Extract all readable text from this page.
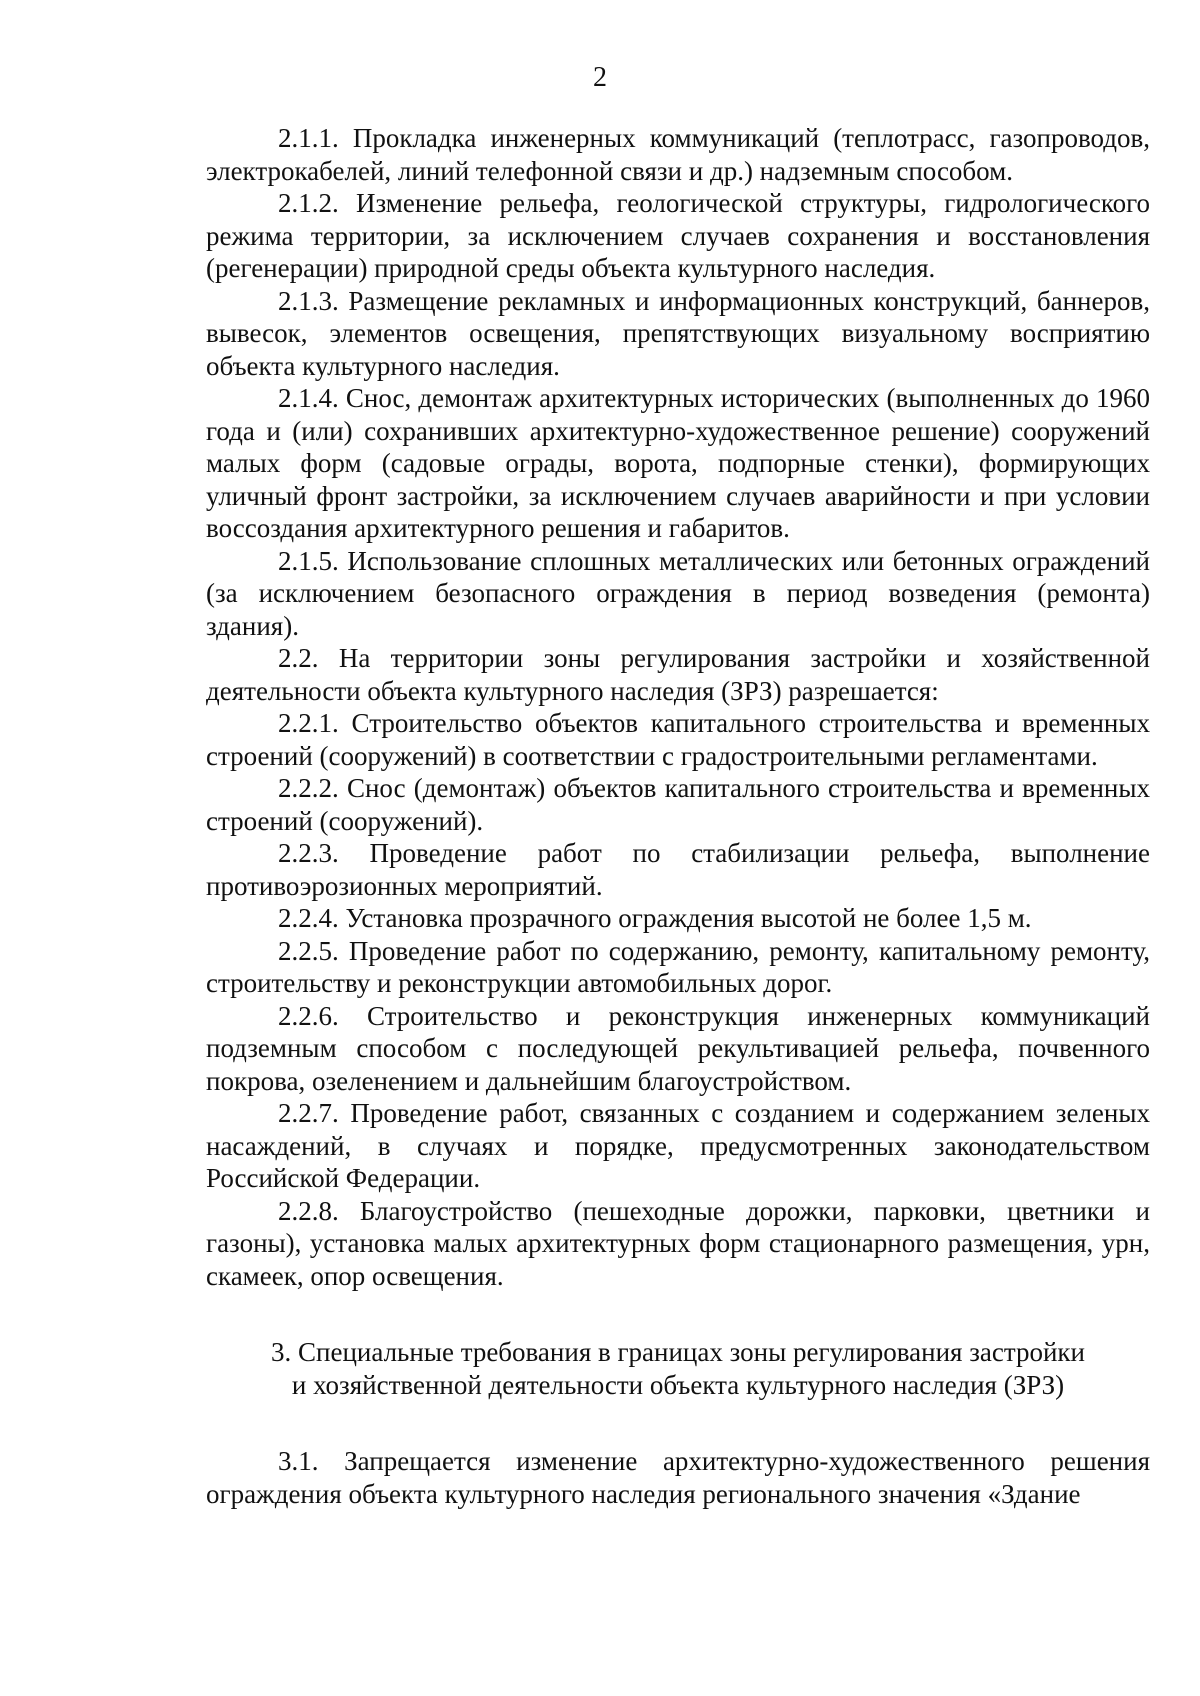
2

2.1.1. Прокладка инженерных коммуникаций (теплотрасс, газопроводов, электрокабелей, линий телефонной связи и др.) надземным способом.

2.1.2. Изменение рельефа, геологической структуры, гидрологического режима территории, за исключением случаев сохранения и восстановления (регенерации) природной среды объекта культурного наследия.

2.1.3. Размещение рекламных и информационных конструкций, баннеров, вывесок, элементов освещения, препятствующих визуальному восприятию объекта культурного наследия.

2.1.4. Снос, демонтаж архитектурных исторических (выполненных до 1960 года и (или) сохранивших архитектурно-художественное решение) сооружений малых форм (садовые ограды, ворота, подпорные стенки), формирующих уличный фронт застройки, за исключением случаев аварийности и при условии воссоздания архитектурного решения и габаритов.

2.1.5. Использование сплошных металлических или бетонных ограждений (за исключением безопасного ограждения в период возведения (ремонта) здания).

2.2. На территории зоны регулирования застройки и хозяйственной деятельности объекта культурного наследия (ЗРЗ) разрешается:

2.2.1. Строительство объектов капитального строительства и временных строений (сооружений) в соответствии с градостроительными регламентами.

2.2.2. Снос (демонтаж) объектов капитального строительства и временных строений (сооружений).

2.2.3. Проведение работ по стабилизации рельефа, выполнение противоэрозионных мероприятий.

2.2.4. Установка прозрачного ограждения высотой не более 1,5 м.

2.2.5. Проведение работ по содержанию, ремонту, капитальному ремонту, строительству и реконструкции автомобильных дорог.

2.2.6. Строительство и реконструкция инженерных коммуникаций подземным способом с последующей рекультивацией рельефа, почвенного покрова, озеленением и дальнейшим благоустройством.

2.2.7. Проведение работ, связанных с созданием и содержанием зеленых насаждений, в случаях и порядке, предусмотренных законодательством Российской Федерации.

2.2.8. Благоустройство (пешеходные дорожки, парковки, цветники и газоны), установка малых архитектурных форм стационарного размещения, урн, скамеек, опор освещения.

3. Специальные требования в границах зоны регулирования застройки
и хозяйственной деятельности объекта культурного наследия (ЗРЗ)

3.1. Запрещается изменение архитектурно-художественного решения ограждения объекта культурного наследия регионального значения «Здание
